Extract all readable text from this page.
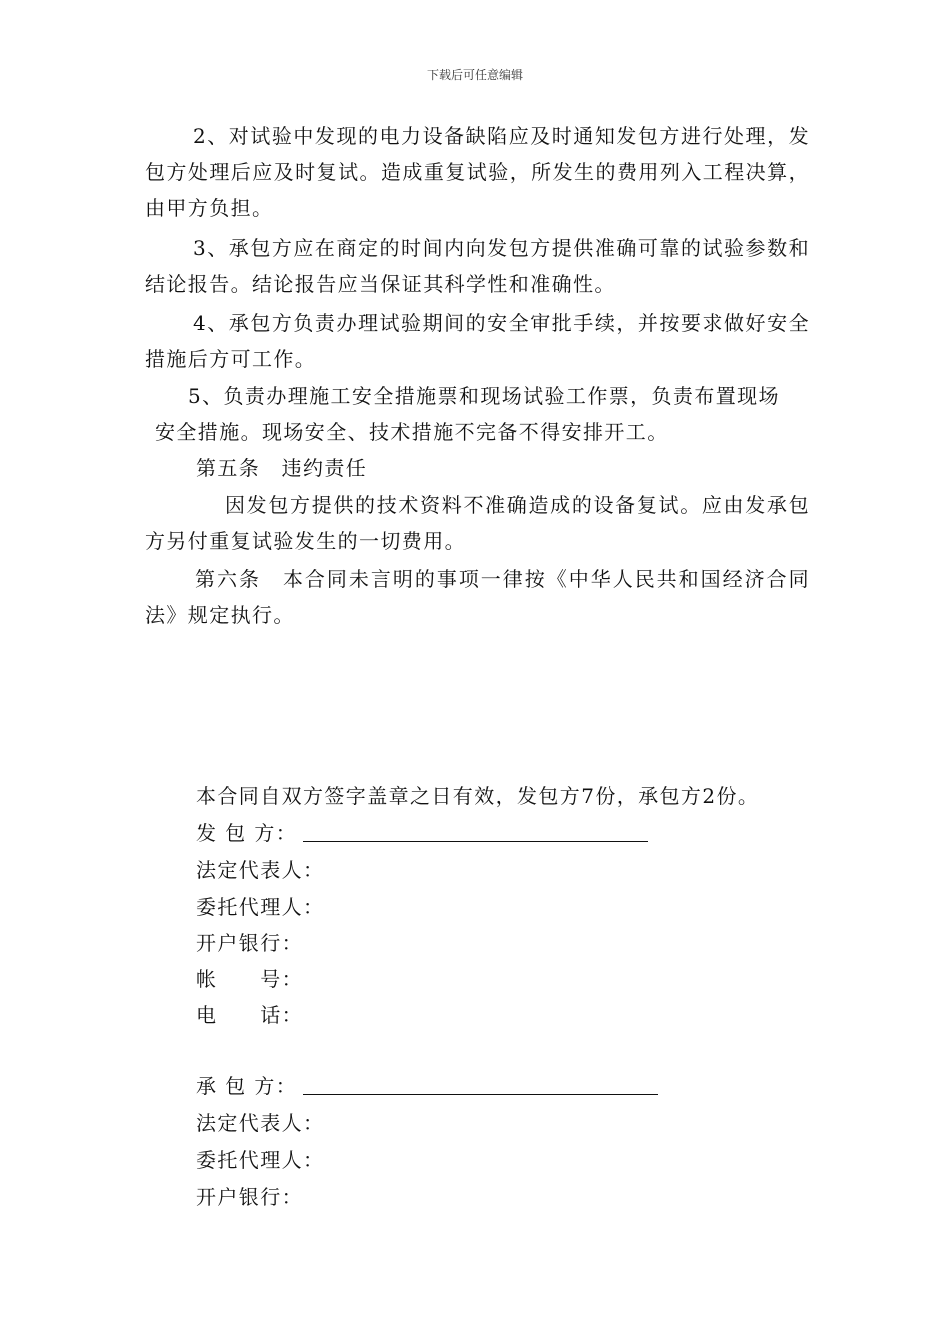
下载后可任意编辑

2、对试验中发现的电力设备缺陷应及时通知发包方进行处理，发包方处理后应及时复试。造成重复试验，所发生的费用列入工程决算，由甲方负担。

3、承包方应在商定的时间内向发包方提供准确可靠的试验参数和结论报告。结论报告应当保证其科学性和准确性。

4、承包方负责办理试验期间的安全审批手续，并按要求做好安全措施后方可工作。

5、负责办理施工安全措施票和现场试验工作票，负责布置现场

安全措施。现场安全、技术措施不完备不得安排开工。

第五条　违约责任

因发包方提供的技术资料不准确造成的设备复试。应由发承包方另付重复试验发生的一切费用。

第六条　本合同未言明的事项一律按《中华人民共和国经济合同法》规定执行。

本合同自双方签字盖章之日有效，发包方7份，承包方2份。

发 包 方：

法定代表人：

委托代理人：

开户银行：

帐　　号：

电　　话：

承 包 方：

法定代表人：

委托代理人：

开户银行：
